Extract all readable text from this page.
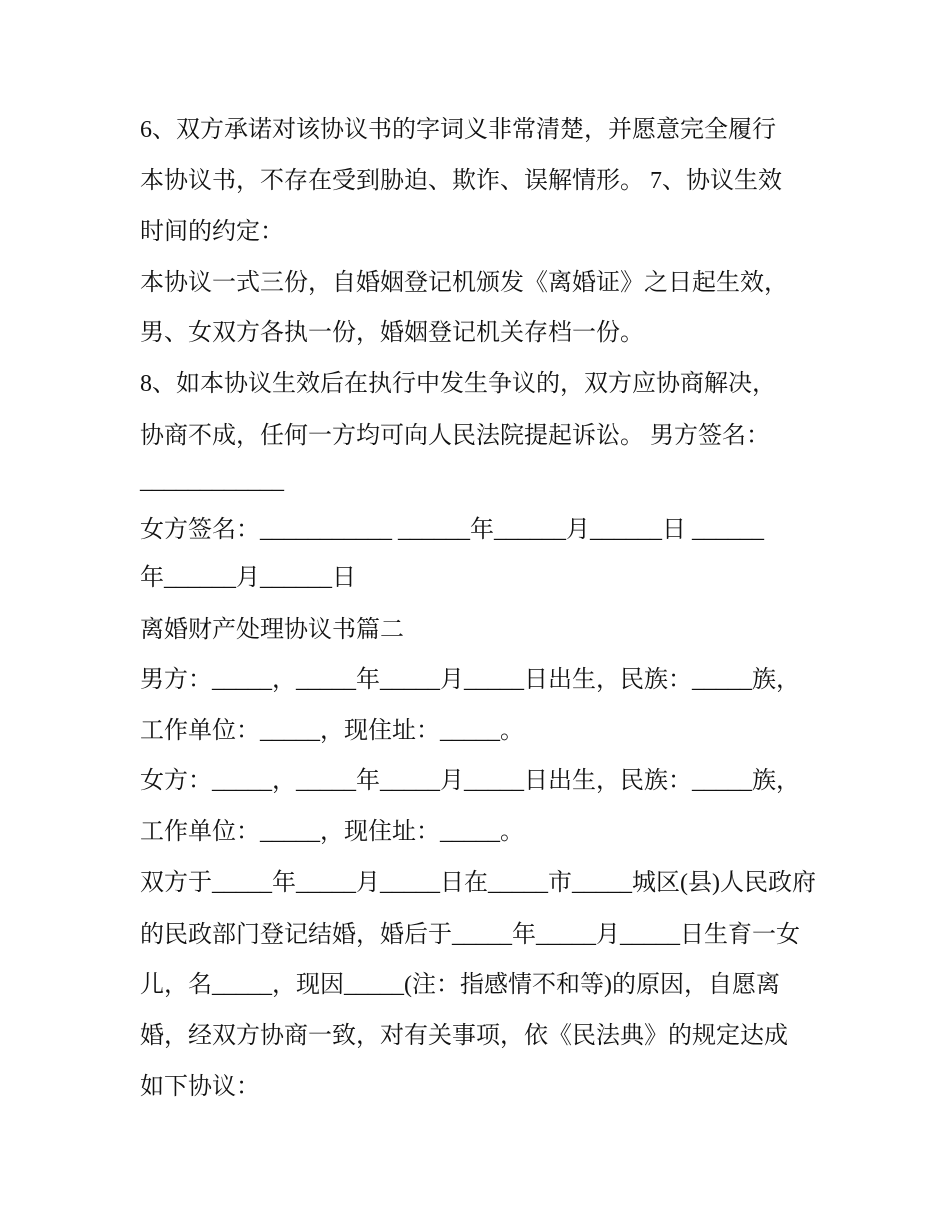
6、双方承诺对该协议书的字词义非常清楚，并愿意完全履行
本协议书，不存在受到胁迫、欺诈、误解情形。 7、协议生效
时间的约定：
本协议一式三份，自婚姻登记机颁发《离婚证》之日起生效，
男、女双方各执一份，婚姻登记机关存档一份。
8、如本协议生效后在执行中发生争议的，双方应协商解决，
协商不成，任何一方均可向人民法院提起诉讼。 男方签名：
____________
女方签名：___________ ______年______月______日 ______
年______月______日
离婚财产处理协议书篇二
男方：_____，_____年_____月_____日出生，民族：_____族，
工作单位：_____，现住址：_____。
女方：_____，_____年_____月_____日出生，民族：_____族，
工作单位：_____，现住址：_____。
双方于_____年_____月_____日在_____市_____城区(县)人民政府
的民政部门登记结婚，婚后于_____年_____月_____日生育一女
儿，名_____，现因_____(注：指感情不和等)的原因，自愿离
婚，经双方协商一致，对有关事项，依《民法典》的规定达成
如下协议：
